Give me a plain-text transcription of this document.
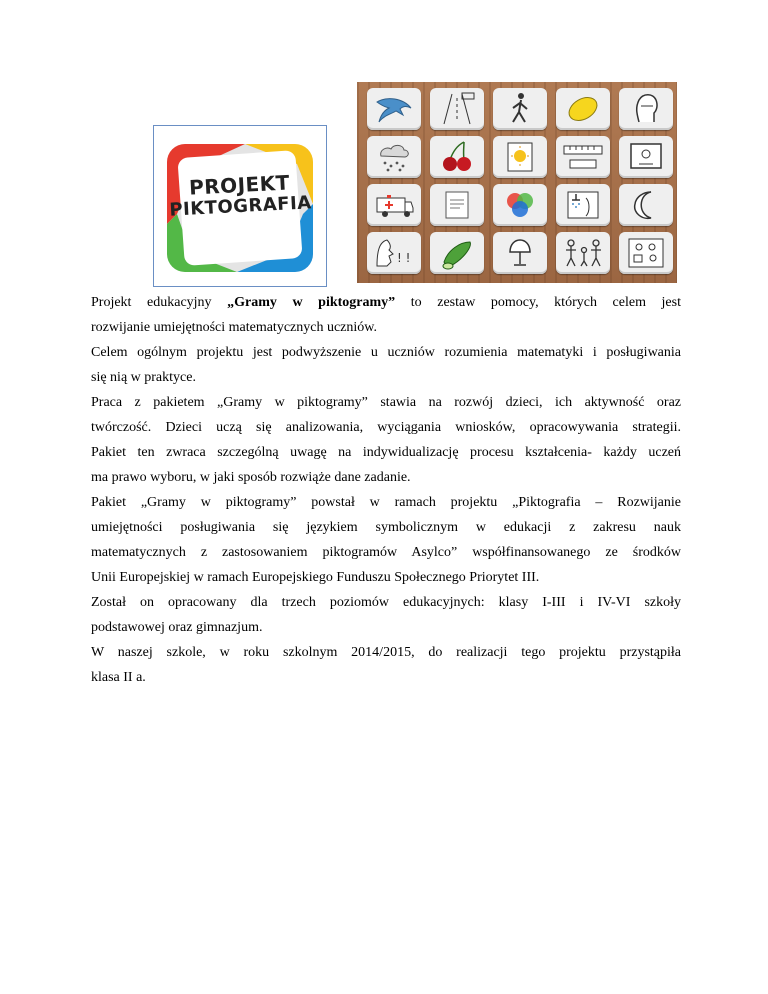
PROJEKT
PIKTOGRAFIA
! !

Projekt edukacyjny „Gramy w piktogramy” to zestaw pomocy, których celem jest

rozwijanie umiejętności matematycznych uczniów.

Celem ogólnym projektu jest podwyższenie u uczniów rozumienia matematyki i posługiwania

się nią w praktyce.

Praca z pakietem „Gramy w piktogramy” stawia na rozwój dzieci, ich aktywność oraz

twórczość. Dzieci uczą się analizowania, wyciągania wniosków, opracowywania strategii.

Pakiet ten zwraca szczególną uwagę na indywidualizację procesu kształcenia- każdy uczeń

ma prawo wyboru, w jaki sposób rozwiąże dane zadanie.

Pakiet „Gramy w piktogramy” powstał w ramach projektu „Piktografia – Rozwijanie

umiejętności posługiwania się językiem symbolicznym w edukacji z zakresu nauk

matematycznych z zastosowaniem piktogramów Asylco” współfinansowanego ze środków

Unii Europejskiej w ramach Europejskiego Funduszu Społecznego Priorytet III.

Został on opracowany dla trzech poziomów edukacyjnych: klasy I-III i IV-VI szkoły

podstawowej oraz gimnazjum.

W naszej szkole, w roku szkolnym 2014/2015, do realizacji tego projektu przystąpiła

klasa II a.
